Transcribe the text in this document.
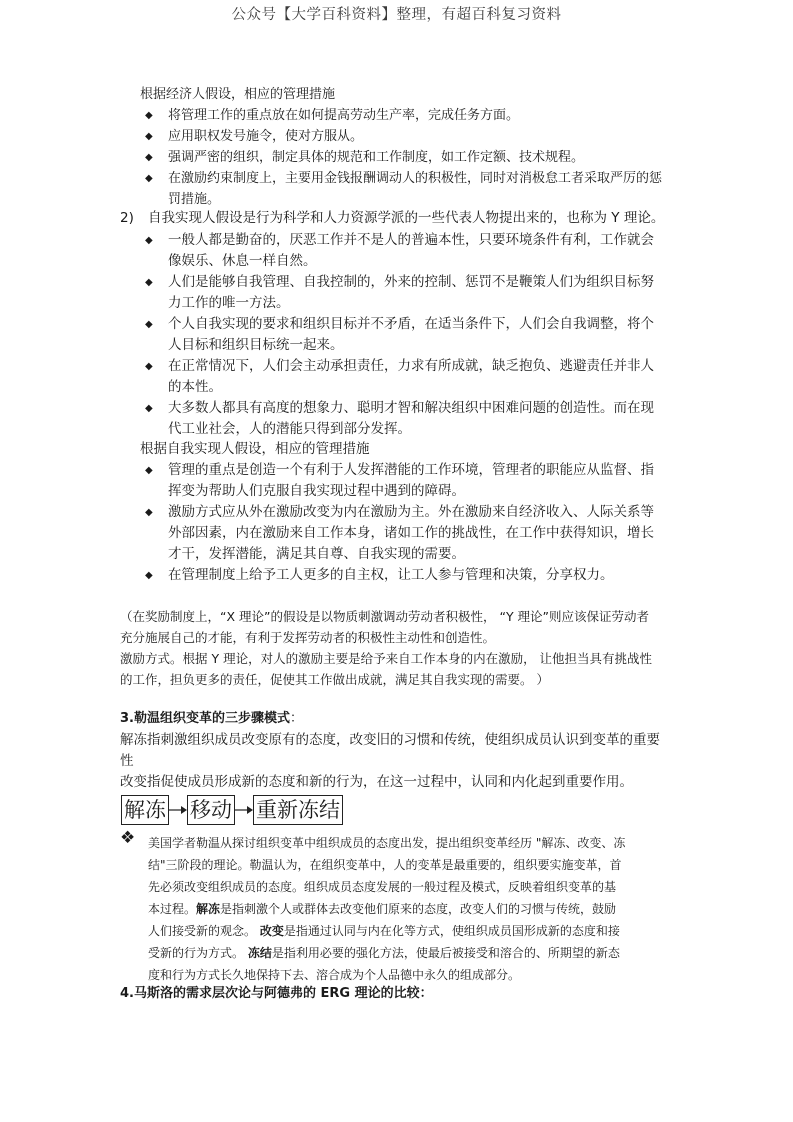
公众号【大学百科资料】整理，有超百科复习资料
根据经济人假设，相应的管理措施
◆ 将管理工作的重点放在如何提高劳动生产率，完成任务方面。
◆ 应用职权发号施令，使对方服从。
◆ 强调严密的组织，制定具体的规范和工作制度，如工作定额、技术规程。
◆ 在激励约束制度上，主要用金钱报酬调动人的积极性，同时对消极怠工者采取严厉的惩
罚措施。
2) 自我实现人假设是行为科学和人力资源学派的一些代表人物提出来的，也称为 Y 理论。
◆ 一般人都是勤奋的，厌恶工作并不是人的普遍本性，只要环境条件有利，工作就会
像娱乐、休息一样自然。
◆ 人们是能够自我管理、自我控制的，外来的控制、惩罚不是鞭策人们为组织目标努
力工作的唯一方法。
◆ 个人自我实现的要求和组织目标并不矛盾，在适当条件下，人们会自我调整，将个
人目标和组织目标统一起来。
◆ 在正常情况下，人们会主动承担责任，力求有所成就，缺乏抱负、逃避责任并非人
的本性。
◆ 大多数人都具有高度的想象力、聪明才智和解决组织中困难问题的创造性。而在现
代工业社会，人的潜能只得到部分发挥。
根据自我实现人假设，相应的管理措施
◆ 管理的重点是创造一个有利于人发挥潜能的工作环境，管理者的职能应从监督、指
挥变为帮助人们克服自我实现过程中遇到的障碍。
◆ 激励方式应从外在激励改变为内在激励为主。外在激励来自经济收入、人际关系等
外部因素，内在激励来自工作本身，诸如工作的挑战性，在工作中获得知识，增长
才干，发挥潜能，满足其自尊、自我实现的需要。
◆ 在管理制度上给予工人更多的自主权，让工人参与管理和决策，分享权力。
（在奖励制度上，“X 理论”的假设是以物质刺激调动劳动者积极性， “Y 理论”则应该保证劳动者
充分施展自己的才能，有利于发挥劳动者的积极性主动性和创造性。
激励方式。根据 Y 理论，对人的激励主要是给予来自工作本身的内在激励， 让他担当具有挑战性
的工作，担负更多的责任，促使其工作做出成就，满足其自我实现的需要。 ）
3.勒温组织变革的三步骤模式：
解冻指刺激组织成员改变原有的态度，改变旧的习惯和传统，使组织成员认识到变革的重要
性
改变指促使成员形成新的态度和新的行为，在这一过程中，认同和内化起到重要作用。
解冻 移动 重新冻结
❖ 美国学者勒温从探讨组织变革中组织成员的态度出发，提出组织变革经历 "解冻、改变、冻
结"三阶段的理论。勒温认为，在组织变革中，人的变革是最重要的，组织要实施变革，首
先必须改变组织成员的态度。组织成员态度发展的一般过程及模式，反映着组织变革的基
本过程。解冻是指刺激个人或群体去改变他们原来的态度，改变人们的习惯与传统，鼓励
人们接受新的观念。 改变是指通过认同与内在化等方式，使组织成员国形成新的态度和接
受新的行为方式。 冻结是指利用必要的强化方法，使最后被接受和溶合的、所期望的新态
度和行为方式长久地保持下去、溶合成为个人品德中永久的组成部分。
4.马斯洛的需求层次论与阿德弗的 ERG 理论的比较：
